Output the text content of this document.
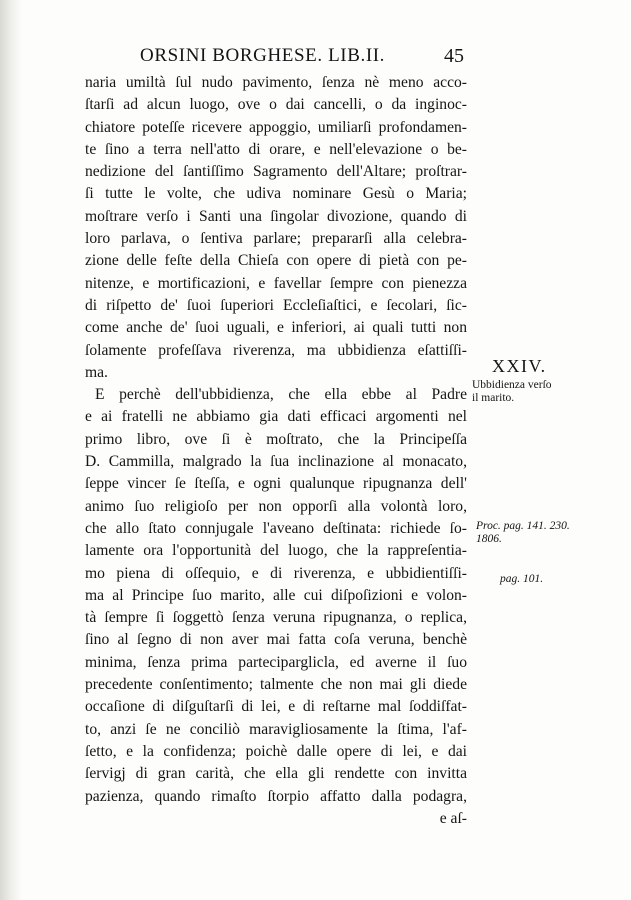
ORSINI BORGHESE. LIB.II.	45
naria umiltà ſul nudo pavimento, ſenza nè meno acco-
ſtarſi ad alcun luogo, ove o dai cancelli, o da inginoc-
chiatore poteſſe ricevere appoggio, umiliarſi profondamen-
te ſino a terra nell'atto di orare, e nell'elevazione o be-
nedizione del ſantiſſimo Sagramento dell'Altare; proſtrar-
ſi tutte le volte, che udiva nominare Gesù o Maria;
moſtrare verſo i Santi una ſingolar divozione, quando di
loro parlava, o ſentiva parlare; prepararſi alla celebra-
zione delle feſte della Chieſa con opere di pietà con pe-
nitenze, e mortificazioni, e favellar ſempre con pienezza
di riſpetto de' ſuoi ſuperiori Eccleſiaſtici, e ſecolari, ſic-
come anche de' ſuoi uguali, e inferiori, ai quali tutti non
ſolamente profeſſava riverenza, ma ubbidienza eſattiſſi-
ma.
E perchè dell'ubbidienza, che ella ebbe al Padre
e ai fratelli ne abbiamo gia dati efficaci argomenti nel
primo libro, ove ſi è moſtrato, che la Principeſſa
D. Cammilla, malgrado la ſua inclinazione al monacato,
ſeppe vincer ſe ſteſſa, e ogni qualunque ripugnanza dell'
animo ſuo religioſo per non opporſi alla volontà loro,
che allo ſtato connjugale l'aveano deſtinata: richiede ſo-
lamente ora l'opportunità del luogo, che la rappreſentia-
mo piena di oſſequio, e di riverenza, e ubbidientiſſi-
ma al Principe ſuo marito, alle cui diſpoſizioni e volon-
tà ſempre ſi ſoggettò ſenza veruna ripugnanza, o replica,
ſino al ſegno di non aver mai fatta coſa veruna, benchè
minima, ſenza prima parteciparglicla, ed averne il ſuo
precedente conſentimento; talmente che non mai gli diede
occaſione di diſguſtarſi di lei, e di reſtarne mal ſoddiſfat-
to, anzi ſe ne conciliò maravigliosamente la ſtima, l'af-
ſetto, e la confidenza; poichè dalle opere di lei, e dai
ſervigj di gran carità, che ella gli rendette con invitta
pazienza, quando rimaſto ſtorpio affatto dalla podagra,
e aſ-
XXIV.
Ubbidienza verſo
il marito.
Proc. pag. 141. 230.
1806.
pag. 101.
